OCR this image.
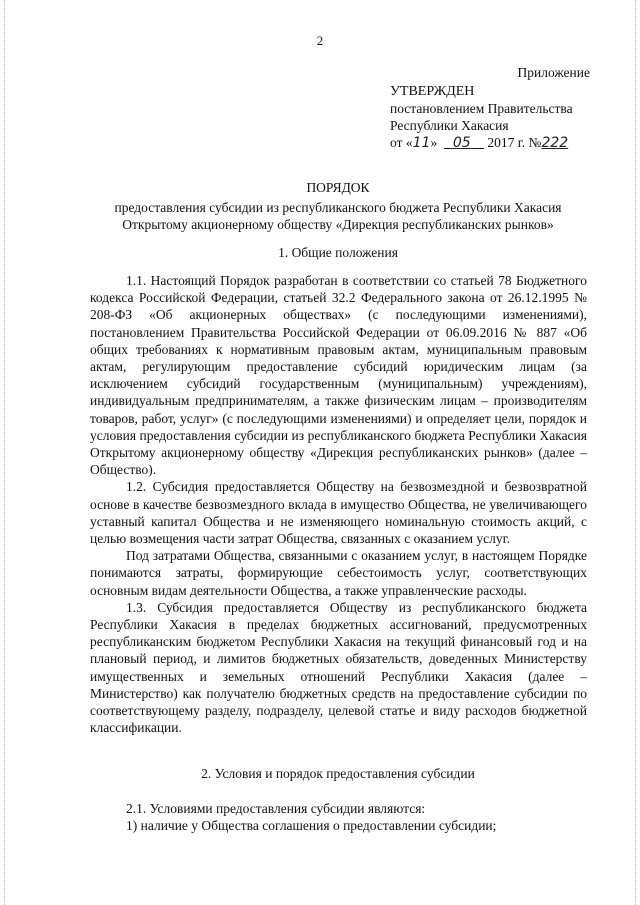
2
Приложение
УТВЕРЖДЕН
постановлением Правительства
Республики Хакасия
от «11» 05 2017 г. №222
ПОРЯДОК
предоставления субсидии из республиканского бюджета Республики Хакасия
Открытому акционерному обществу «Дирекция республиканских рынков»
1. Общие положения

1.1. Настоящий Порядок разработан в соответствии со статьей 78 Бюджетного кодекса Российской Федерации, статьей 32.2 Федерального закона от 26.12.1995 № 208-ФЗ «Об акционерных обществах» (с последующими изменениями), постановлением Правительства Российской Федерации от 06.09.2016 № 887 «Об общих требованиях к нормативным правовым актам, муниципальным правовым актам, регулирующим предоставление субсидий юридическим лицам (за исключением субсидий государственным (муниципальным) учреждениям), индивидуальным предпринимателям, а также физическим лицам – производителям товаров, работ, услуг» (с последующими изменениями) и определяет цели, порядок и условия предоставления субсидии из республиканского бюджета Республики Хакасия Открытому акционерному обществу «Дирекция республиканских рынков» (далее – Общество).

1.2. Субсидия предоставляется Обществу на безвозмездной и безвозвратной основе в качестве безвозмездного вклада в имущество Общества, не увеличивающего уставный капитал Общества и не изменяющего номинальную стоимость акций, с целью возмещения части затрат Общества, связанных с оказанием услуг.

Под затратами Общества, связанными с оказанием услуг, в настоящем Порядке понимаются затраты, формирующие себестоимость услуг, соответствующих основным видам деятельности Общества, а также управленческие расходы.

1.3. Субсидия предоставляется Обществу из республиканского бюджета Республики Хакасия в пределах бюджетных ассигнований, предусмотренных республиканским бюджетом Республики Хакасия на текущий финансовый год и на плановый период, и лимитов бюджетных обязательств, доведенных Министерству имущественных и земельных отношений Республики Хакасия (далее – Министерство) как получателю бюджетных средств на предоставление субсидии по соответствующему разделу, подразделу, целевой статье и виду расходов бюджетной классификации.

2. Условия и порядок предоставления субсидии

2.1. Условиями предоставления субсидии являются:

1) наличие у Общества соглашения о предоставлении субсидии;
